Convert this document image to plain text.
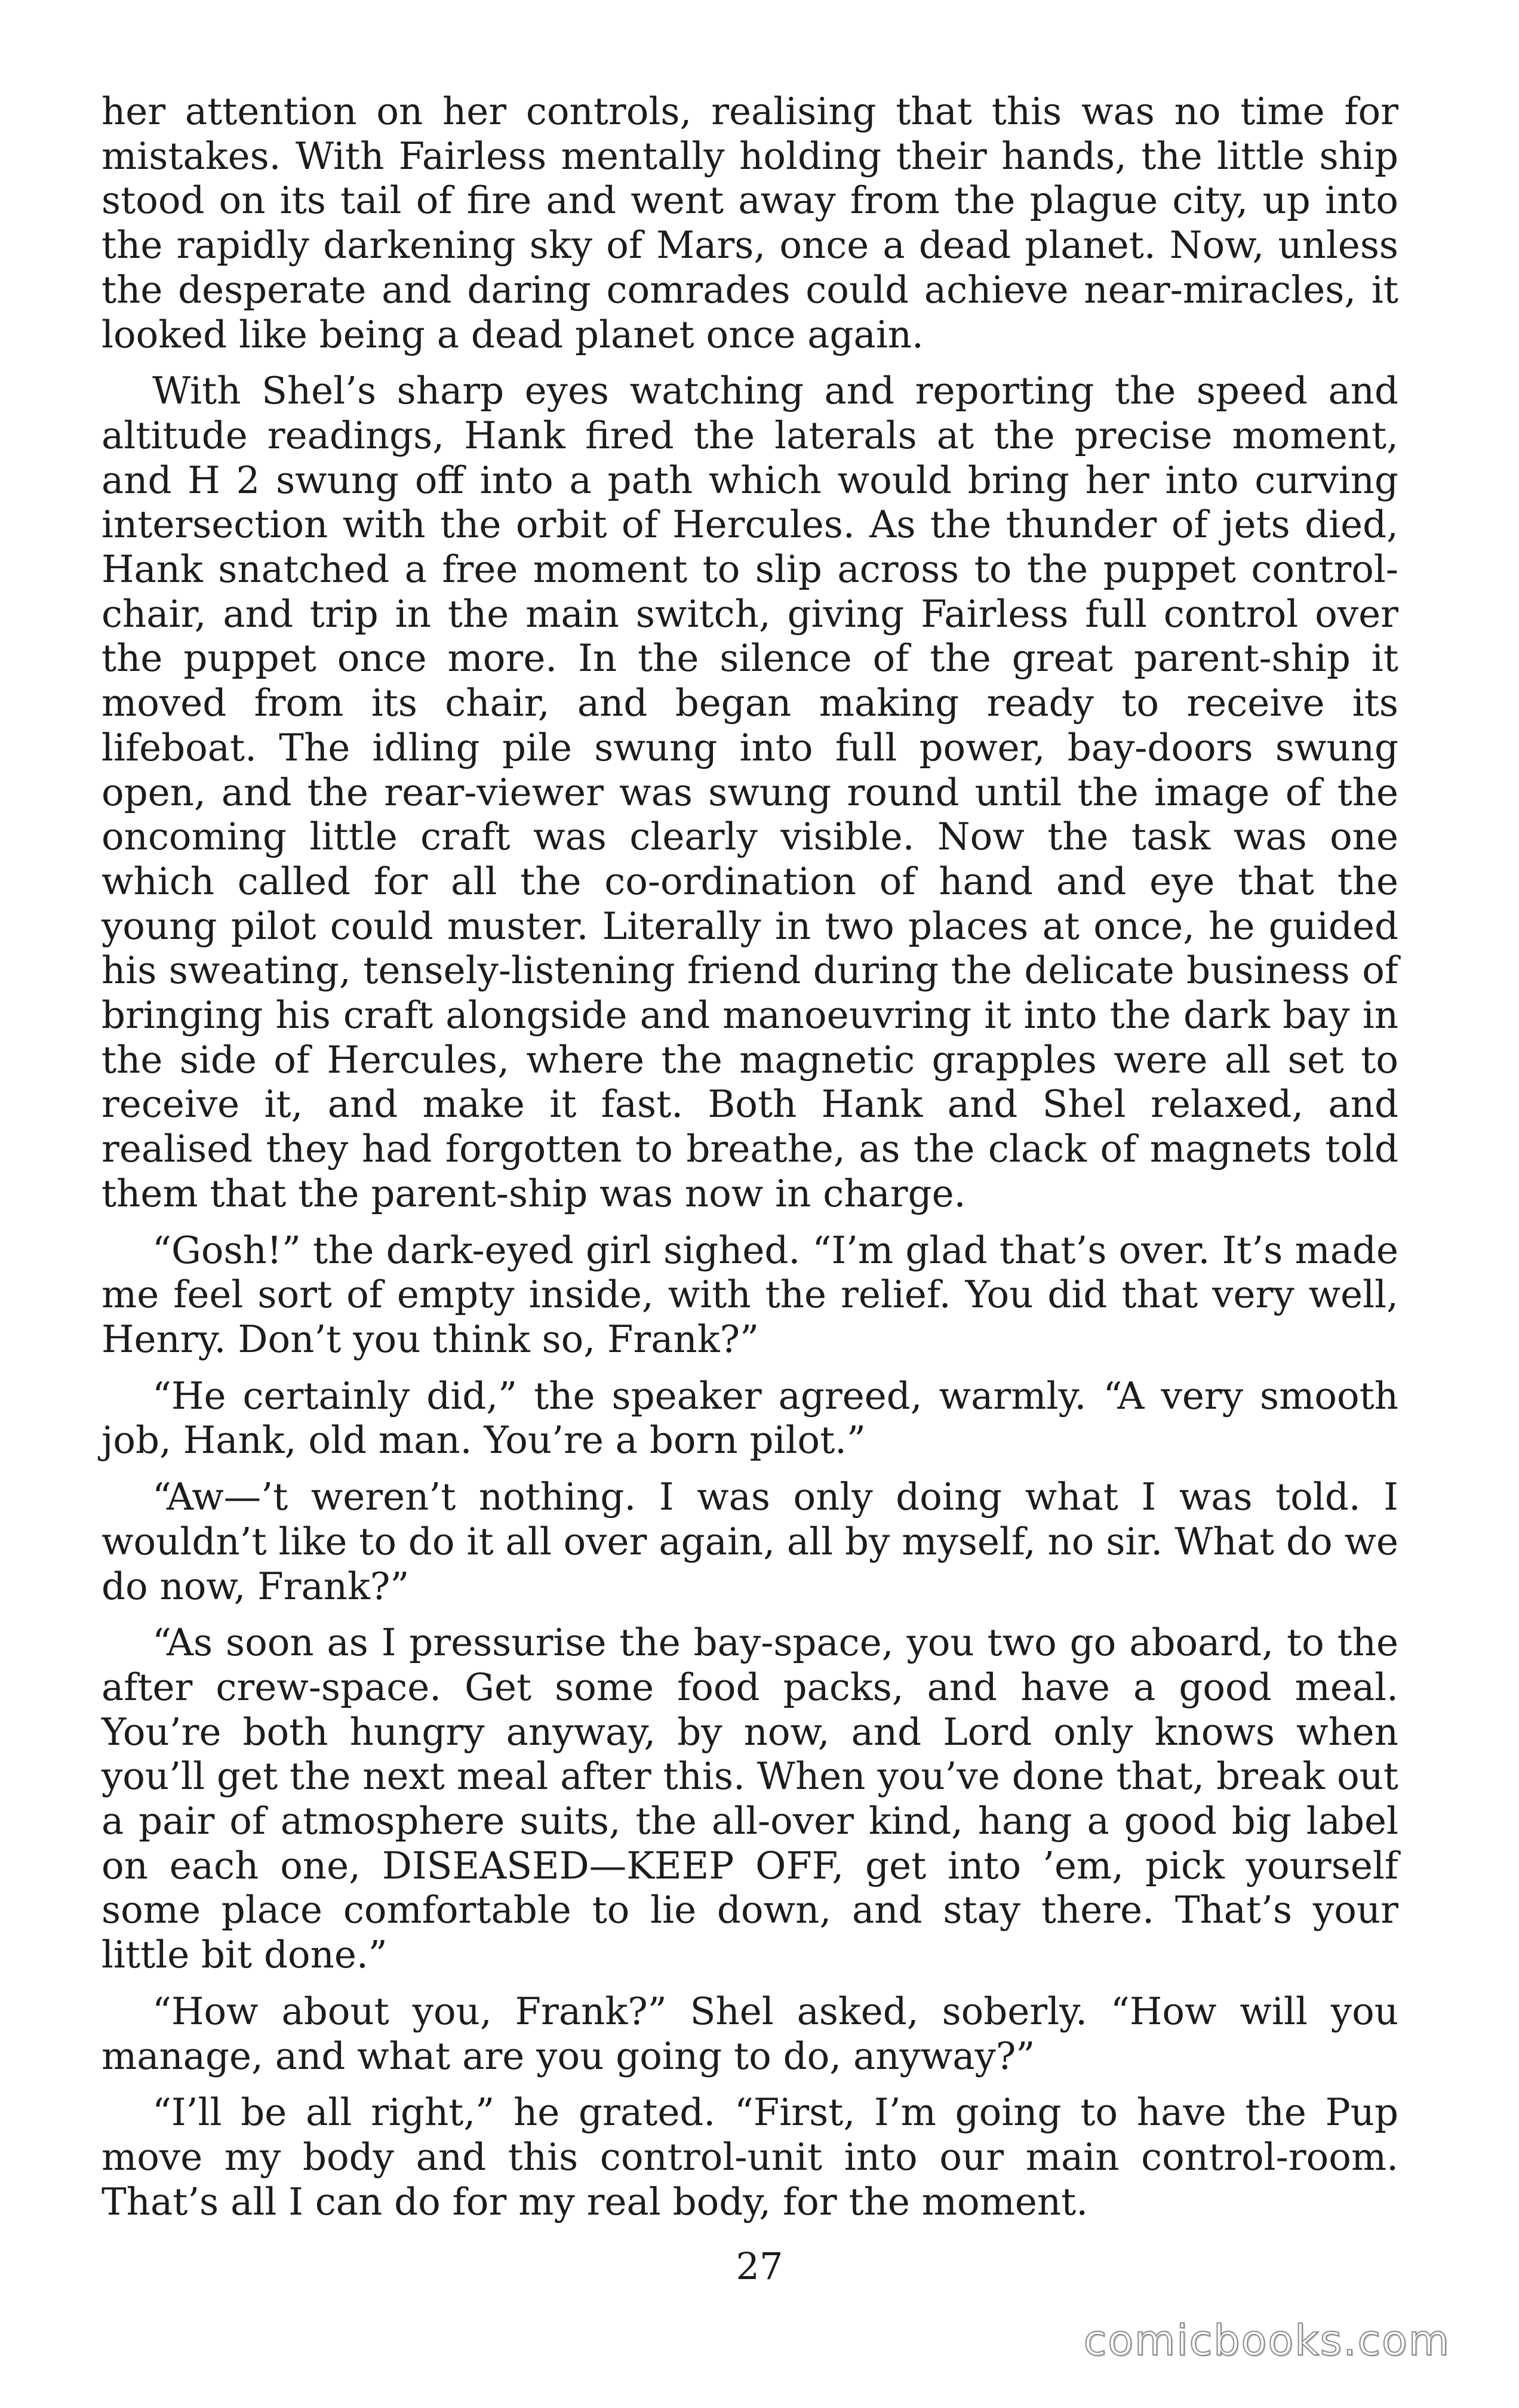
her attention on her controls, realising that this was no time for mistakes. With Fairless mentally holding their hands, the little ship stood on its tail of fire and went away from the plague city, up into the rapidly darkening sky of Mars, once a dead planet. Now, unless the desperate and daring comrades could achieve near-miracles, it looked like being a dead planet once again.

With Shel’s sharp eyes watching and reporting the speed and altitude readings, Hank fired the laterals at the precise moment, and H 2 swung off into a path which would bring her into curving intersection with the orbit of Hercules. As the thunder of jets died, Hank snatched a free moment to slip across to the puppet control-chair, and trip in the main switch, giving Fairless full control over the puppet once more. In the silence of the great parent-ship it moved from its chair, and began making ready to receive its lifeboat. The idling pile swung into full power, bay-doors swung open, and the rear-viewer was swung round until the image of the oncoming little craft was clearly visible. Now the task was one which called for all the co-ordination of hand and eye that the young pilot could muster. Literally in two places at once, he guided his sweating, tensely-listening friend during the delicate business of bringing his craft alongside and manoeuvring it into the dark bay in the side of Hercules, where the magnetic grapples were all set to receive it, and make it fast. Both Hank and Shel relaxed, and realised they had forgotten to breathe, as the clack of magnets told them that the parent-ship was now in charge.

“Gosh!” the dark-eyed girl sighed. “I’m glad that’s over. It’s made me feel sort of empty inside, with the relief. You did that very well, Henry. Don’t you think so, Frank?”

“He certainly did,” the speaker agreed, warmly. “A very smooth job, Hank, old man. You’re a born pilot.”

“Aw—’t weren’t nothing. I was only doing what I was told. I wouldn’t like to do it all over again, all by myself, no sir. What do we do now, Frank?”

“As soon as I pressurise the bay-space, you two go aboard, to the after crew-space. Get some food packs, and have a good meal. You’re both hungry anyway, by now, and Lord only knows when you’ll get the next meal after this. When you’ve done that, break out a pair of atmosphere suits, the all-over kind, hang a good big label on each one, DISEASED—KEEP OFF, get into ’em, pick yourself some place comfortable to lie down, and stay there. That’s your little bit done.”

“How about you, Frank?” Shel asked, soberly. “How will you manage, and what are you going to do, anyway?”

“I’ll be all right,” he grated. “First, I’m going to have the Pup move my body and this control-unit into our main control-room. That’s all I can do for my real body, for the moment.

27
comicbooks.com
